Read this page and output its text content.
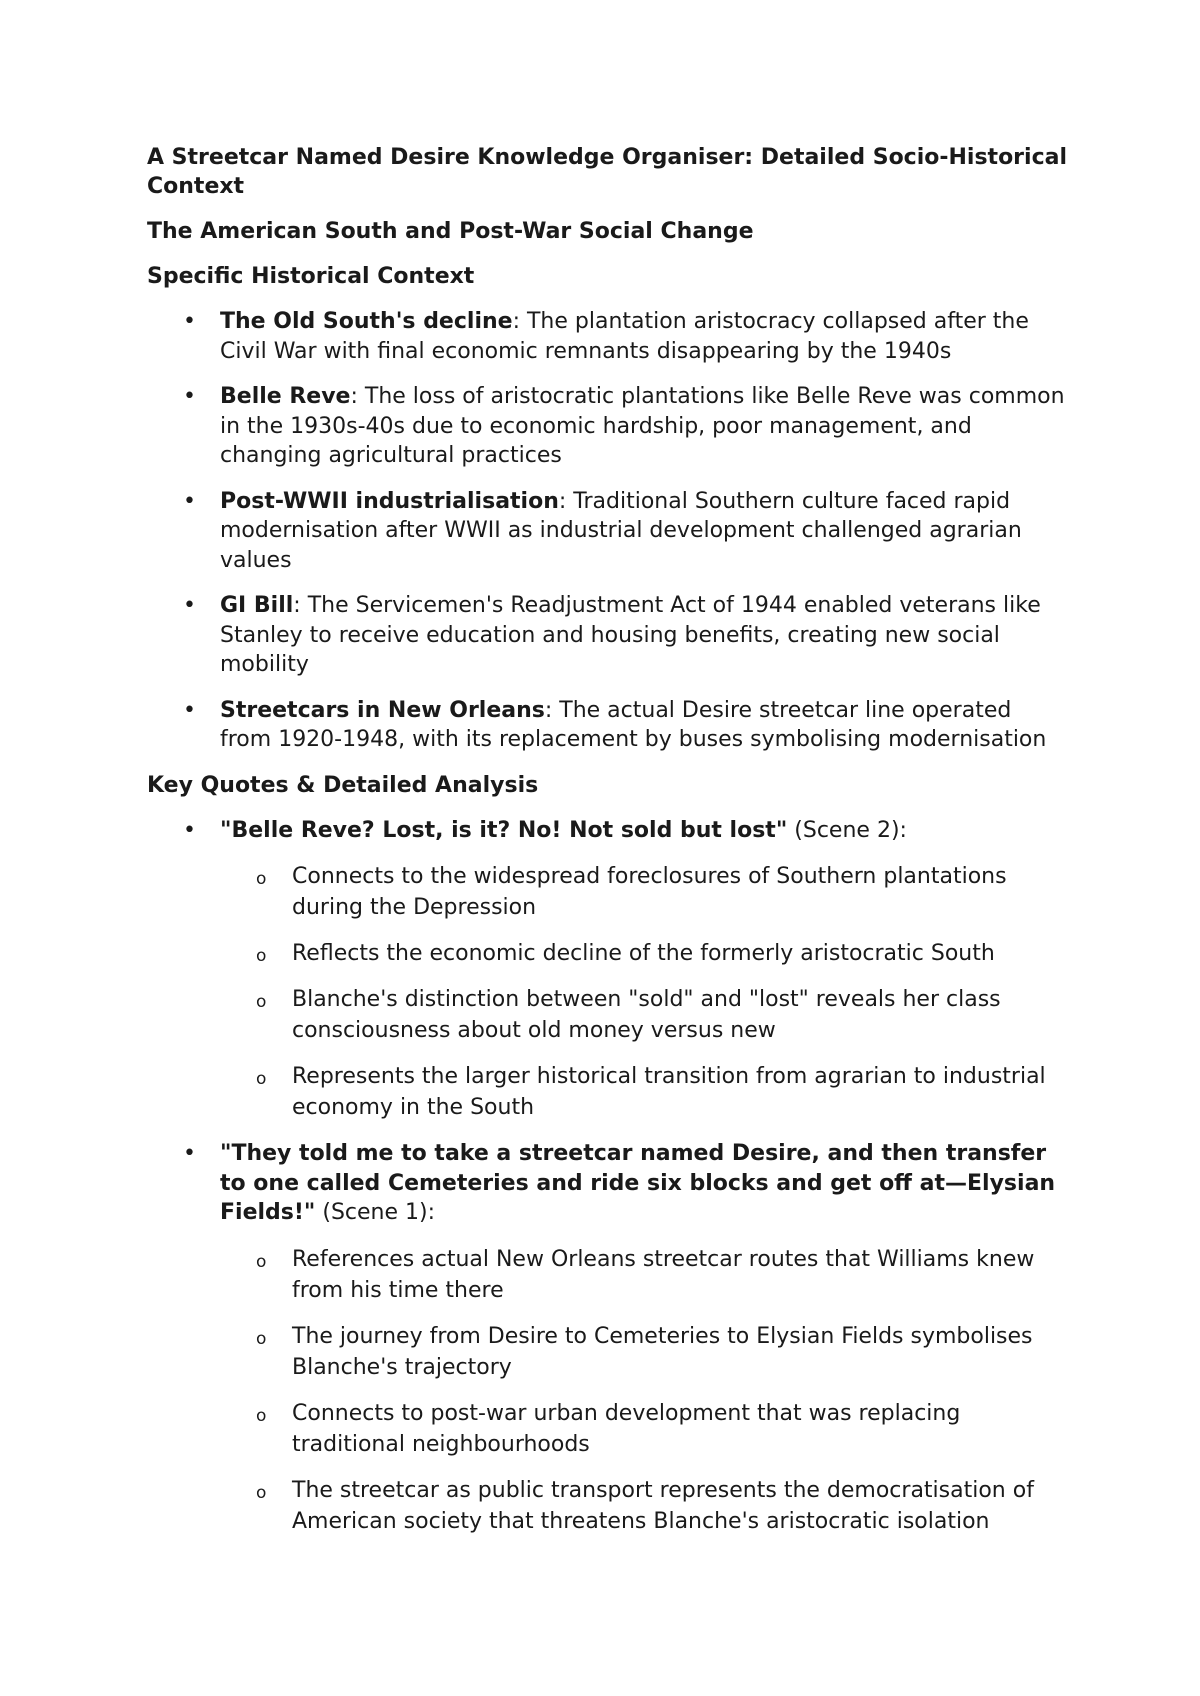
A Streetcar Named Desire Knowledge Organiser: Detailed Socio-Historical Context

The American South and Post-War Social Change

Specific Historical Context

• The Old South's decline: The plantation aristocracy collapsed after the Civil War with final economic remnants disappearing by the 1940s
• Belle Reve: The loss of aristocratic plantations like Belle Reve was common in the 1930s-40s due to economic hardship, poor management, and changing agricultural practices
• Post-WWII industrialisation: Traditional Southern culture faced rapid modernisation after WWII as industrial development challenged agrarian values
• GI Bill: The Servicemen's Readjustment Act of 1944 enabled veterans like Stanley to receive education and housing benefits, creating new social mobility
• Streetcars in New Orleans: The actual Desire streetcar line operated from 1920-1948, with its replacement by buses symbolising modernisation

Key Quotes & Detailed Analysis

• "Belle Reve? Lost, is it? No! Not sold but lost" (Scene 2):
o Connects to the widespread foreclosures of Southern plantations during the Depression
o Reflects the economic decline of the formerly aristocratic South
o Blanche's distinction between "sold" and "lost" reveals her class consciousness about old money versus new
o Represents the larger historical transition from agrarian to industrial economy in the South
• "They told me to take a streetcar named Desire, and then transfer to one called Cemeteries and ride six blocks and get off at—Elysian Fields!" (Scene 1):
o References actual New Orleans streetcar routes that Williams knew from his time there
o The journey from Desire to Cemeteries to Elysian Fields symbolises Blanche's trajectory
o Connects to post-war urban development that was replacing traditional neighbourhoods
o The streetcar as public transport represents the democratisation of American society that threatens Blanche's aristocratic isolation
